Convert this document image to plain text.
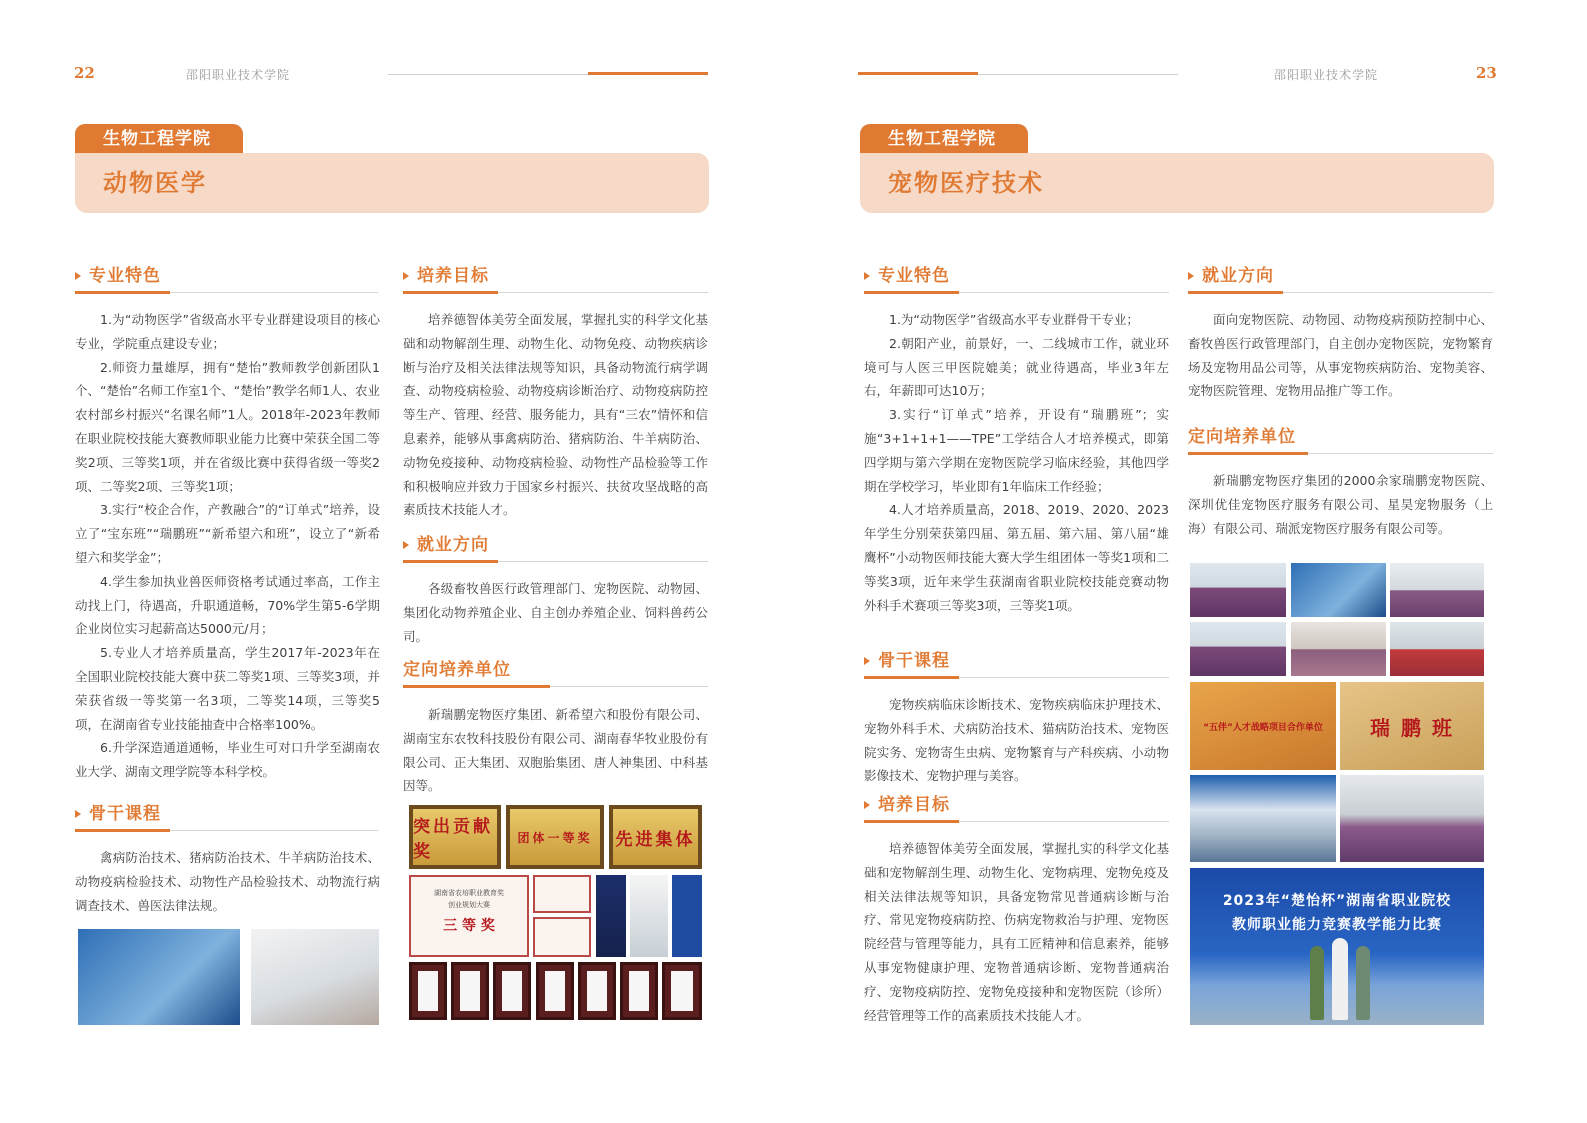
22	邵阳职业技术学院
生物工程学院
动物医学
专业特色

1.为“动物医学”省级高水平专业群建设项目的核心专业，学院重点建设专业；

2.师资力量雄厚，拥有“楚怡”教师教学创新团队1个、“楚怡”名师工作室1个、“楚怡”教学名师1人、农业农村部乡村振兴“名课名师”1人。2018年-2023年教师在职业院校技能大赛教师职业能力比赛中荣获全国二等奖2项、三等奖1项，并在省级比赛中获得省级一等奖2项、二等奖2项、三等奖1项；

3.实行“校企合作，产教融合”的“订单式”培养，设立了“宝东班”“瑞鹏班”“新希望六和班”，设立了“新希望六和奖学金”；

4.学生参加执业兽医师资格考试通过率高，工作主动找上门，待遇高，升职通道畅，70%学生第5-6学期企业岗位实习起薪高达5000元/月；

5.专业人才培养质量高，学生2017年-2023年在全国职业院校技能大赛中获二等奖1项、三等奖3项，并荣获省级一等奖第一名3项，二等奖14项，三等奖5项，在湖南省专业技能抽查中合格率100%。

6.升学深造通道通畅，毕业生可对口升学至湖南农业大学、湖南文理学院等本科学校。

骨干课程

禽病防治技术、猪病防治技术、牛羊病防治技术、动物疫病检验技术、动物性产品检验技术、动物流行病调查技术、兽医法律法规。

培养目标

培养德智体美劳全面发展，掌握扎实的科学文化基础和动物解剖生理、动物生化、动物免疫、动物疾病诊断与治疗及相关法律法规等知识，具备动物流行病学调查、动物疫病检验、动物疫病诊断治疗、动物疫病防控等生产、管理、经营、服务能力，具有“三农”情怀和信息素养，能够从事禽病防治、猪病防治、牛羊病防治、动物免疫接种、动物疫病检验、动物性产品检验等工作和积极响应并致力于国家乡村振兴、扶贫攻坚战略的高素质技术技能人才。

就业方向

各级畜牧兽医行政管理部门、宠物医院、动物园、集团化动物养殖企业、自主创办养殖企业、饲料兽药公司。

定向培养单位

新瑞鹏宠物医疗集团、新希望六和股份有限公司、湖南宝东农牧科技股份有限公司、湖南春华牧业股份有限公司、正大集团、双胞胎集团、唐人神集团、中科基因等。

突出贡献奖
团体一等奖	先进集体
湖南省农培职业教育奖
创业规划大赛
三 等 奖
邵阳职业技术学院	23
生物工程学院
宠物医疗技术
专业特色

1.为“动物医学”省级高水平专业群骨干专业；

2.朝阳产业，前景好，一、二线城市工作，就业环境可与人医三甲医院媲美；就业待遇高，毕业3年左右，年薪即可达10万；

3.实行“订单式”培养，开设有“瑞鹏班”；实施“3+1+1+1——TPE”工学结合人才培养模式，即第四学期与第六学期在宠物医院学习临床经验，其他四学期在学校学习，毕业即有1年临床工作经验；

4.人才培养质量高，2018、2019、2020、2023年学生分别荣获第四届、第五届、第六届、第八届“雄鹰杯”小动物医师技能大赛大学生组团体一等奖1项和二等奖3项，近年来学生获湖南省职业院校技能竞赛动物外科手术赛项三等奖3项，三等奖1项。

骨干课程

宠物疾病临床诊断技术、宠物疾病临床护理技术、宠物外科手术、犬病防治技术、猫病防治技术、宠物医院实务、宠物寄生虫病、宠物繁育与产科疾病、小动物影像技术、宠物护理与美容。

培养目标

培养德智体美劳全面发展，掌握扎实的科学文化基础和宠物解剖生理、动物生化、宠物病理、宠物免疫及相关法律法规等知识，具备宠物常见普通病诊断与治疗、常见宠物疫病防控、伤病宠物救治与护理、宠物医院经营与管理等能力，具有工匠精神和信息素养，能够从事宠物健康护理、宠物普通病诊断、宠物普通病治疗、宠物疫病防控、宠物免疫接种和宠物医院（诊所）经营管理等工作的高素质技术技能人才。

就业方向

面向宠物医院、动物园、动物疫病预防控制中心、畜牧兽医行政管理部门，自主创办宠物医院，宠物繁育场及宠物用品公司等，从事宠物疾病防治、宠物美容、宠物医院管理、宠物用品推广等工作。

定向培养单位

新瑞鹏宠物医疗集团的2000余家瑞鹏宠物医院、深圳优佳宠物医疗服务有限公司、星昊宠物服务（上海）有限公司、瑞派宠物医疗服务有限公司等。

“五伴”人才战略项目合作单位	瑞 鹏 班
2023年“楚怡杯”湖南省职业院校
教师职业能力竞赛教学能力比赛
